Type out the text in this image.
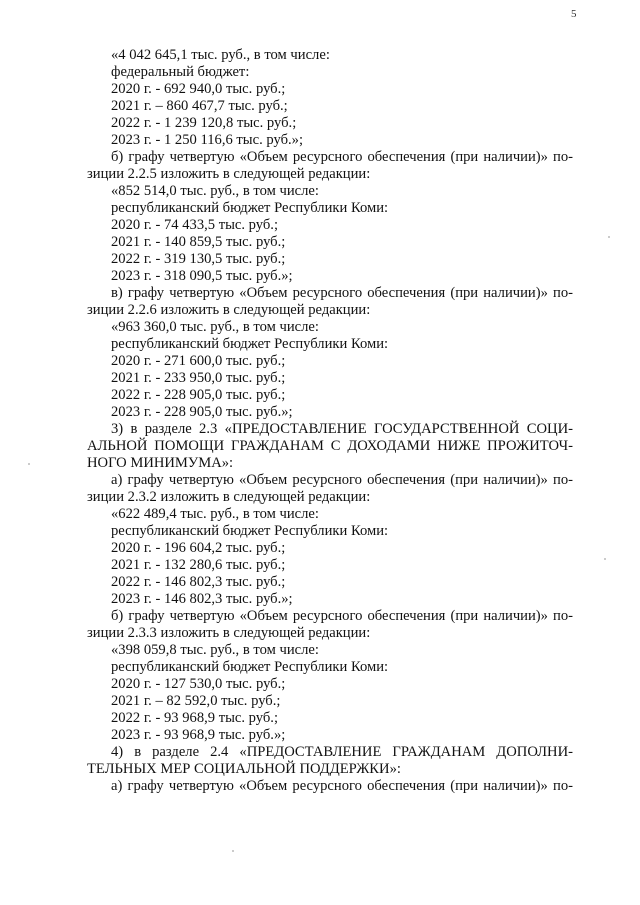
5
«4 042 645,1 тыс. руб., в том числе:
федеральный бюджет:
2020 г. - 692 940,0 тыс. руб.;
2021 г. – 860 467,7 тыс. руб.;
2022 г. - 1 239 120,8 тыс. руб.;
2023 г. - 1 250 116,6 тыс. руб.»;
б) графу четвертую «Объем ресурсного обеспечения (при наличии)» по-
зиции 2.2.5 изложить в следующей редакции:
«852 514,0 тыс. руб., в том числе:
республиканский бюджет Республики Коми:
2020 г. - 74 433,5 тыс. руб.;
2021 г. - 140 859,5 тыс. руб.;
2022 г. - 319 130,5 тыс. руб.;
2023 г. - 318 090,5 тыс. руб.»;
в) графу четвертую «Объем ресурсного обеспечения (при наличии)» по-
зиции 2.2.6 изложить в следующей редакции:
«963 360,0 тыс. руб., в том числе:
республиканский бюджет Республики Коми:
2020 г. - 271 600,0 тыс. руб.;
2021 г. - 233 950,0 тыс. руб.;
2022 г. - 228 905,0 тыс. руб.;
2023 г. - 228 905,0 тыс. руб.»;
3) в разделе 2.3 «ПРЕДОСТАВЛЕНИЕ ГОСУДАРСТВЕННОЙ СОЦИ-
АЛЬНОЙ ПОМОЩИ ГРАЖДАНАМ С ДОХОДАМИ НИЖЕ ПРОЖИТОЧ-
НОГО МИНИМУМА»:
а) графу четвертую «Объем ресурсного обеспечения (при наличии)» по-
зиции 2.3.2 изложить в следующей редакции:
«622 489,4 тыс. руб., в том числе:
республиканский бюджет Республики Коми:
2020 г. - 196 604,2 тыс. руб.;
2021 г. - 132 280,6 тыс. руб.;
2022 г. - 146 802,3 тыс. руб.;
2023 г. - 146 802,3 тыс. руб.»;
б) графу четвертую «Объем ресурсного обеспечения (при наличии)» по-
зиции 2.3.3 изложить в следующей редакции:
«398 059,8 тыс. руб., в том числе:
республиканский бюджет Республики Коми:
2020 г. - 127 530,0 тыс. руб.;
2021 г. – 82 592,0 тыс. руб.;
2022 г. - 93 968,9 тыс. руб.;
2023 г. - 93 968,9 тыс. руб.»;
4) в разделе 2.4 «ПРЕДОСТАВЛЕНИЕ ГРАЖДАНАМ ДОПОЛНИ-
ТЕЛЬНЫХ МЕР СОЦИАЛЬНОЙ ПОДДЕРЖКИ»:
а) графу четвертую «Объем ресурсного обеспечения (при наличии)» по-
